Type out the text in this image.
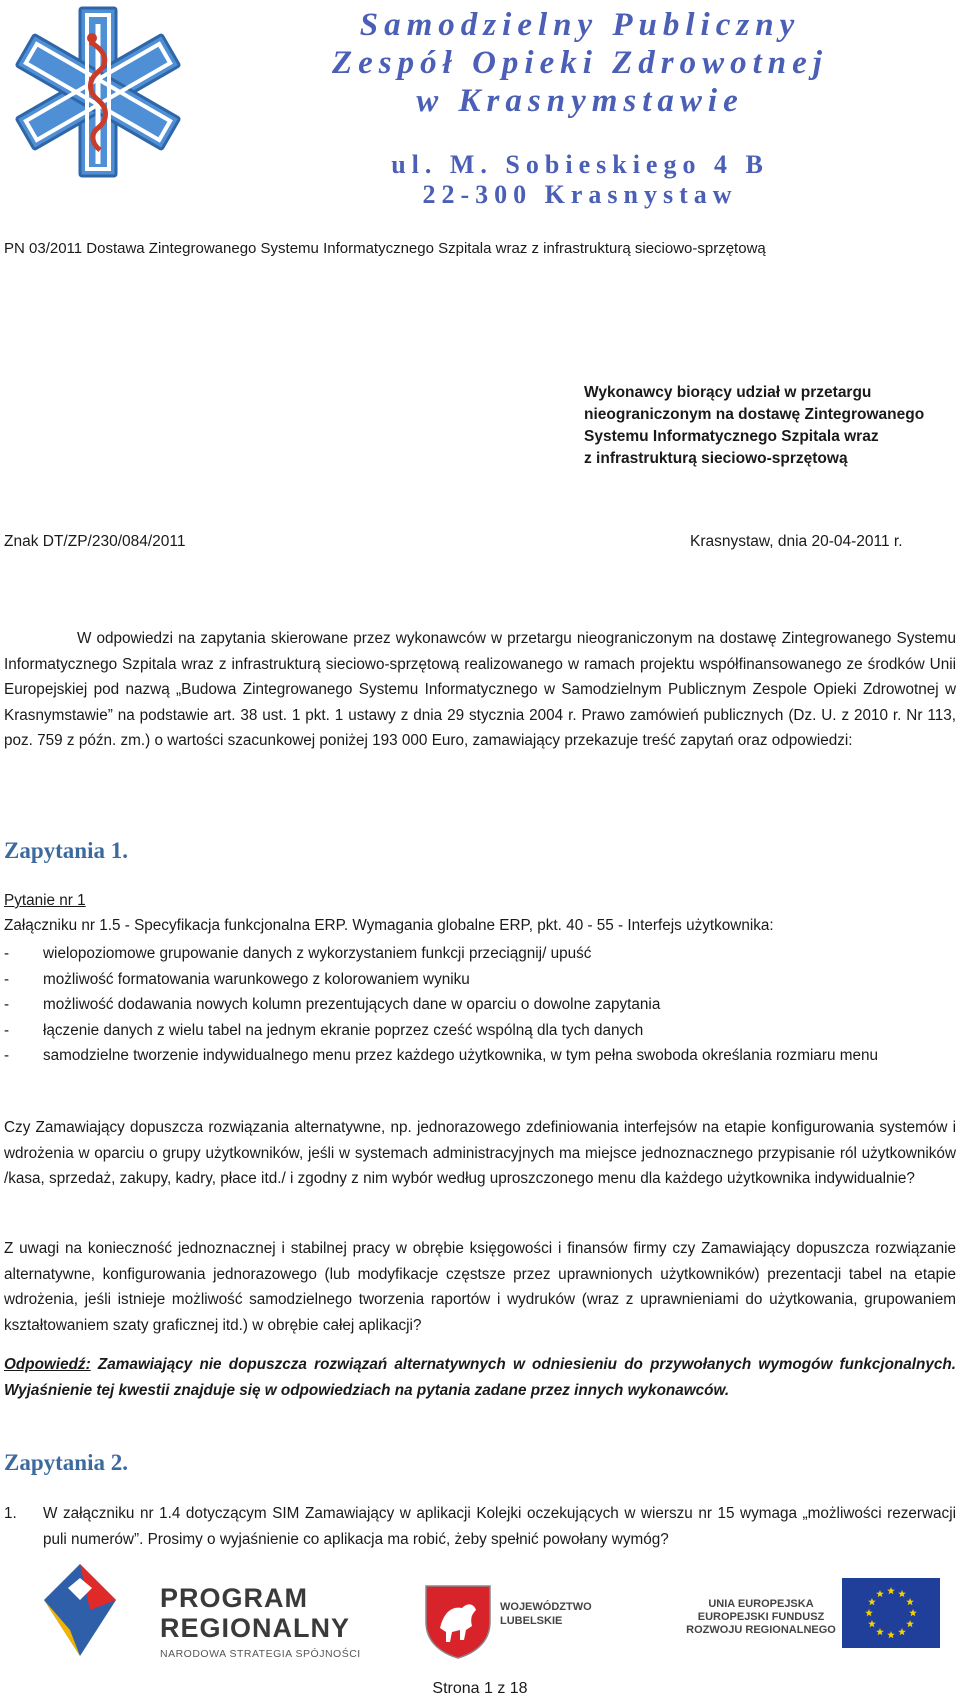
Samodzielny Publiczny
Zespół Opieki Zdrowotnej
w Krasnymstawie
ul. M. Sobieskiego 4 B
22-300 Krasnystaw
PN 03/2011 Dostawa Zintegrowanego Systemu Informatycznego Szpitala wraz z infrastrukturą sieciowo-sprzętową
Wykonawcy biorący udział w przetargu
nieograniczonym na dostawę Zintegrowanego
Systemu Informatycznego Szpitala wraz
z infrastrukturą sieciowo-sprzętową
Znak DT/ZP/230/084/2011	Krasnystaw, dnia 20-04-2011 r.
W odpowiedzi na zapytania skierowane przez wykonawców w przetargu nieograniczonym na dostawę Zintegrowanego Systemu Informatycznego Szpitala wraz z infrastrukturą sieciowo-sprzętową realizowanego w ramach projektu współfinansowanego ze środków Unii Europejskiej pod nazwą „Budowa Zintegrowanego Systemu Informatycznego w Samodzielnym Publicznym Zespole Opieki Zdrowotnej w Krasnymstawie” na podstawie art. 38 ust. 1 pkt. 1 ustawy z dnia 29 stycznia 2004 r. Prawo zamówień publicznych (Dz. U. z 2010 r. Nr 113, poz. 759 z późn. zm.) o wartości szacunkowej poniżej 193 000 Euro, zamawiający przekazuje treść zapytań oraz odpowiedzi:
Zapytania 1.
Pytanie nr 1
Załączniku nr 1.5 - Specyfikacja funkcjonalna ERP. Wymagania globalne ERP, pkt. 40 - 55 - Interfejs użytkownika:
-	wielopoziomowe grupowanie danych z wykorzystaniem funkcji przeciągnij/ upuść
-	możliwość formatowania warunkowego z kolorowaniem wyniku
-	możliwość dodawania nowych kolumn prezentujących dane w oparciu o dowolne zapytania
-	łączenie danych z wielu tabel na jednym ekranie poprzez cześć wspólną dla tych danych
-	samodzielne tworzenie indywidualnego menu przez każdego użytkownika, w tym pełna swoboda określania rozmiaru menu
Czy Zamawiający dopuszcza rozwiązania alternatywne, np. jednorazowego zdefiniowania interfejsów na etapie konfigurowania systemów i wdrożenia w oparciu o grupy użytkowników, jeśli w systemach administracyjnych ma miejsce jednoznacznego przypisanie ról użytkowników /kasa, sprzedaż, zakupy, kadry, płace itd./ i zgodny z nim wybór według uproszczonego menu dla każdego użytkownika indywidualnie?
Z uwagi na konieczność jednoznacznej i stabilnej pracy w obrębie księgowości i finansów firmy czy Zamawiający dopuszcza rozwiązanie alternatywne, konfigurowania jednorazowego (lub modyfikacje częstsze przez uprawnionych użytkowników) prezentacji tabel na etapie wdrożenia, jeśli istnieje możliwość samodzielnego tworzenia raportów i wydruków (wraz z uprawnieniami do użytkowania, grupowaniem kształtowaniem szaty graficznej itd.) w obrębie całej aplikacji?
Odpowiedź: Zamawiający nie dopuszcza rozwiązań alternatywnych w odniesieniu do przywołanych wymogów funkcjonalnych. Wyjaśnienie tej kwestii znajduje się w odpowiedziach na pytania zadane przez innych wykonawców.
Zapytania 2.
1.	W załączniku nr 1.4 dotyczącym SIM Zamawiający w aplikacji Kolejki oczekujących w wierszu nr 15 wymaga „możliwości rezerwacji puli numerów”. Prosimy o wyjaśnienie co aplikacja ma robić, żeby spełnić powołany wymóg?
PROGRAM
REGIONALNY
NARODOWA STRATEGIA SPÓJNOŚCI
WOJEWÓDZTWO
LUBELSKIE
UNIA EUROPEJSKA
EUROPEJSKI FUNDUSZ
ROZWOJU REGIONALNEGO
Strona 1 z 18
